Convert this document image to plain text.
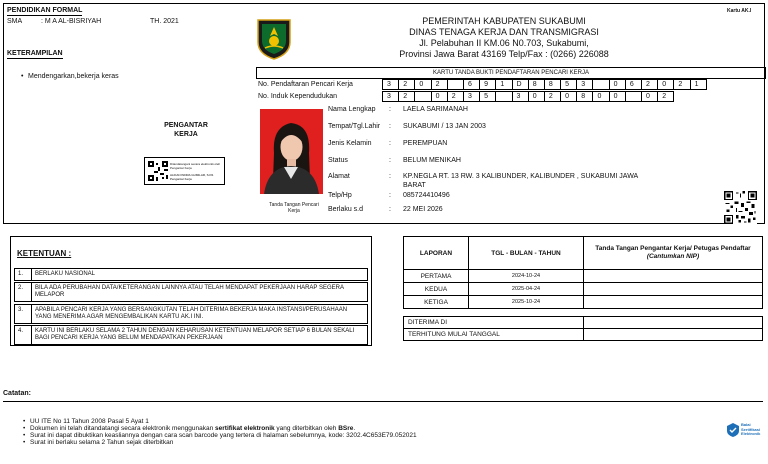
PENDIDIKAN FORMAL
SMA	: M A AL-BISRIYAH	TH. 2021
KETERAMPILAN
• Mendengarkan,bekerja keras
PENGANTAR
KERJA
Ditandatangani secara elektronik oleh Pengantar Kerja
ALFIAN INDRA GUMILAR, S.Pd. Pengantar Kerja
Kartu AK.I
PEMERINTAH KABUPATEN SUKABUMI
DINAS TENAGA KERJA DAN TRANSMIGRASI
Jl. Pelabuhan II KM.06 N0.703, Sukabumi,
Provinsi Jawa Barat 43169 Telp/Fax : (0266) 226088
KARTU TANDA BUKTI PENDAFTARAN PENCARI KERJA
No. Pendaftaran Pencari Kerja	3	2	0	2	6	9	1	D	8	8	5	3	0	6	2	0	2	1
No. Induk Kependudukan	3	2	0	2	3	5	3	0	2	0	8	0	0	0	2
Tanda Tangan Pencari Kerja
Nama Lengkap : LAELA SARIMANAH
Tempat/Tgl.Lahir : SUKABUMI / 13 JAN 2003
Jenis Kelamin : PEREMPUAN
Status	: BELUM MENIKAH
Alamat	: KP.NEGLA RT. 13 RW. 3 KALIBUNDER, KALIBUNDER , SUKABUMI JAWA BARAT
Telp/Hp	: 085724410496
Berlaku s.d	: 22 MEI 2026
KETENTUAN :
1.	BERLAKU NASIONAL
2.	BILA ADA PERUBAHAN DATA/KETERANGAN LAINNYA ATAU TELAH MENDAPAT PEKERJAAN HARAP SEGERA MELAPOR
3.	APABILA PENCARI KERJA YANG BERSANGKUTAN TELAH DITERIMA BEKERJA MAKA INSTANSI/PERUSAHAAN YANG MENERIMA AGAR MENGEMBALIKAN KARTU AK.I INI.
4.	KARTU INI BERLAKU SELAMA 2 TAHUN DENGAN KEHARUSAN KETENTUAN MELAPOR SETIAP 6 BULAN SEKALI BAGI PENCARI KERJA YANG BELUM MENDAPATKAN PEKERJAAN
LAPORAN	TGL - BULAN - TAHUN	Tanda Tangan Pengantar Kerja/ Petugas Pendaftar
(Cantumkan NIP)
PERTAMA	2024-10-24	
KEDUA	2025-04-24	
KETIGA	2025-10-24	

DITERIMA DI		
TERHITUNG MULAI TANGGAL		
Catatan:
• UU ITE No 11 Tahun 2008 Pasal 5 Ayat 1
• Dokumen ini telah ditandatangi secara elektronik menggunakan sertifikat elektronik yang diterbitkan oleh BSre.
• Surat ini dapat dibuktikan keasliannya dengan cara scan barcode yang tertera di halaman sebelumnya, kode: 3202.4C653E79.052021
• Surat ini berlaku selama 2 Tahun sejak diterbitkan
Balai
Sertifikasi
Elektronik
